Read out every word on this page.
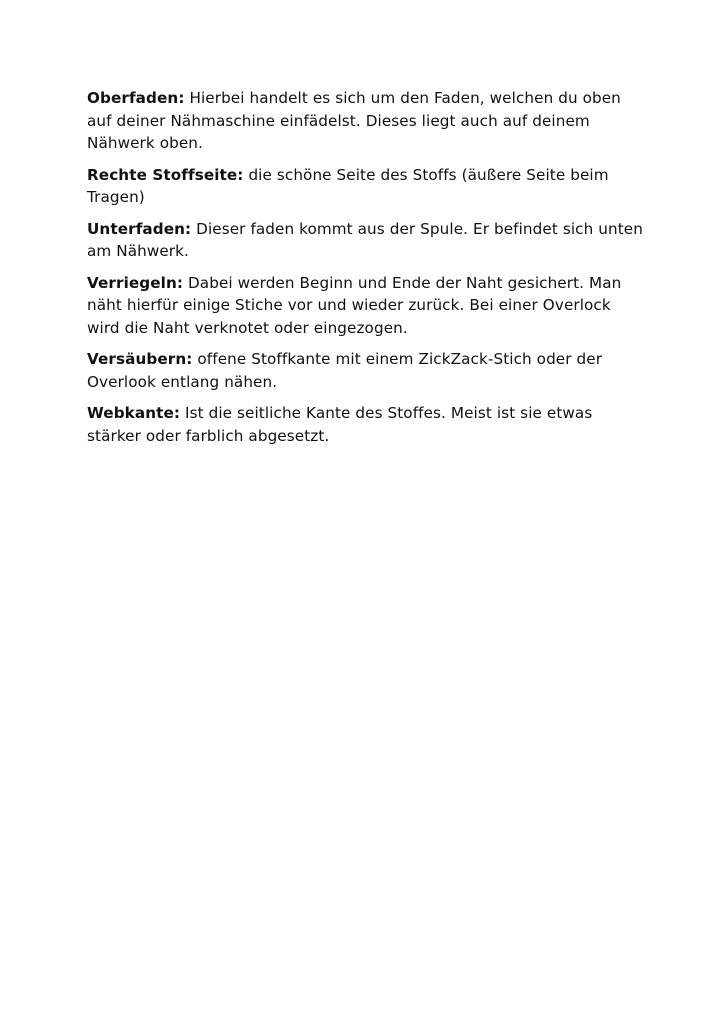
Oberfaden: Hierbei handelt es sich um den Faden, welchen du oben auf deiner Nähmaschine einfädelst. Dieses liegt auch auf deinem Nähwerk oben.

Rechte Stoffseite: die schöne Seite des Stoffs (äußere Seite beim Tragen)

Unterfaden: Dieser faden kommt aus der Spule. Er befindet sich unten am Nähwerk.

Verriegeln: Dabei werden Beginn und Ende der Naht gesichert. Man näht hierfür einige Stiche vor und wieder zurück. Bei einer Overlock wird die Naht verknotet oder eingezogen.

Versäubern: offene Stoffkante mit einem ZickZack-Stich oder der Overlook entlang nähen.

Webkante: Ist die seitliche Kante des Stoffes. Meist ist sie etwas stärker oder farblich abgesetzt.
